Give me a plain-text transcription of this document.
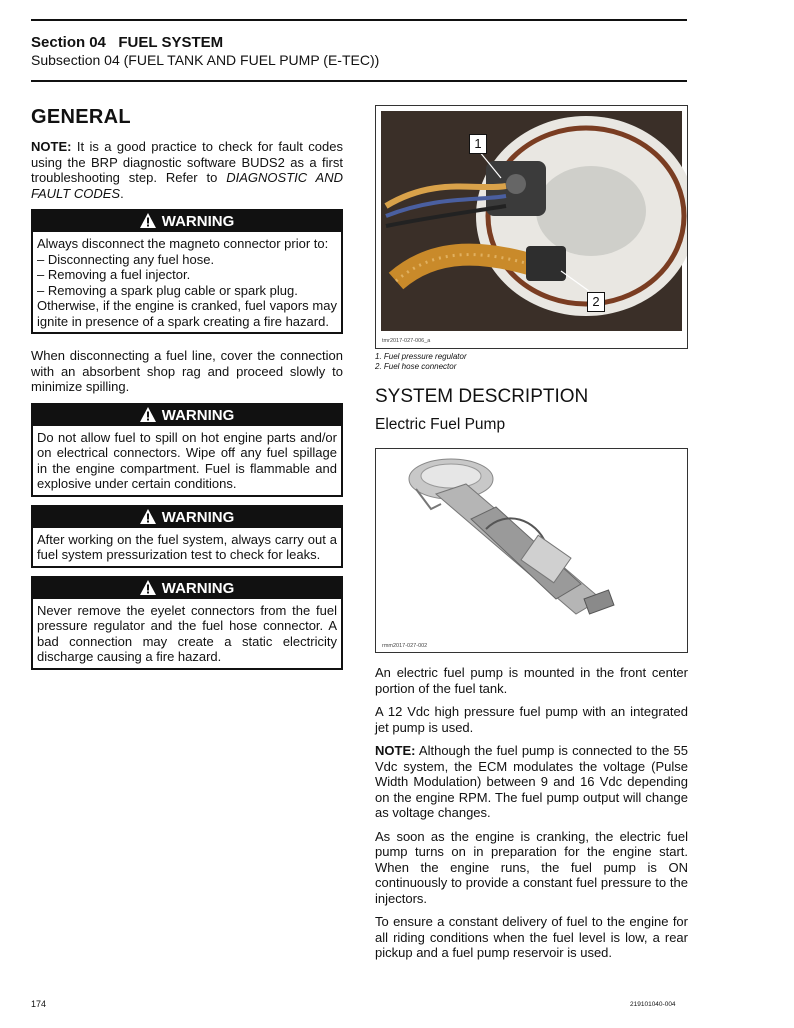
Section 04 FUEL SYSTEM
Subsection 04 (FUEL TANK AND FUEL PUMP (E-TEC))
GENERAL

NOTE: It is a good practice to check for fault codes using the BRP diagnostic software BUDS2 as a first troubleshooting step. Refer to DIAGNOSTIC AND FAULT CODES.

WARNING
Always disconnect the magneto connector prior to:
– Disconnecting any fuel hose.
– Removing a fuel injector.
– Removing a spark plug cable or spark plug.
Otherwise, if the engine is cranked, fuel vapors may ignite in presence of a spark creating a fire hazard.

When disconnecting a fuel line, cover the connection with an absorbent shop rag and proceed slowly to minimize spilling.

WARNING
Do not allow fuel to spill on hot engine parts and/or on electrical connectors. Wipe off any fuel spillage in the engine compartment. Fuel is flammable and explosive under certain conditions.
WARNING
After working on the fuel system, always carry out a fuel system pressurization test to check for leaks.
WARNING
Never remove the eyelet connectors from the fuel pressure regulator and the fuel hose connector. A bad connection may create a static electricity discharge causing a fire hazard.
tmr2017-027-006_a
1
2
1. Fuel pressure regulator
2. Fuel hose connector
SYSTEM DESCRIPTION
Electric Fuel Pump
rmm2017-027-002

An electric fuel pump is mounted in the front center portion of the fuel tank.

A 12 Vdc high pressure fuel pump with an integrated jet pump is used.

NOTE: Although the fuel pump is connected to the 55 Vdc system, the ECM modulates the voltage (Pulse Width Modulation) between 9 and 16 Vdc depending on the engine RPM. The fuel pump output will change as voltage changes.

As soon as the engine is cranking, the electric fuel pump turns on in preparation for the engine start. When the engine runs, the fuel pump is ON continuously to provide a constant fuel pressure to the injectors.

To ensure a constant delivery of fuel to the engine for all riding conditions when the fuel level is low, a rear pickup and a fuel pump reservoir is used.

174	219101040-004
